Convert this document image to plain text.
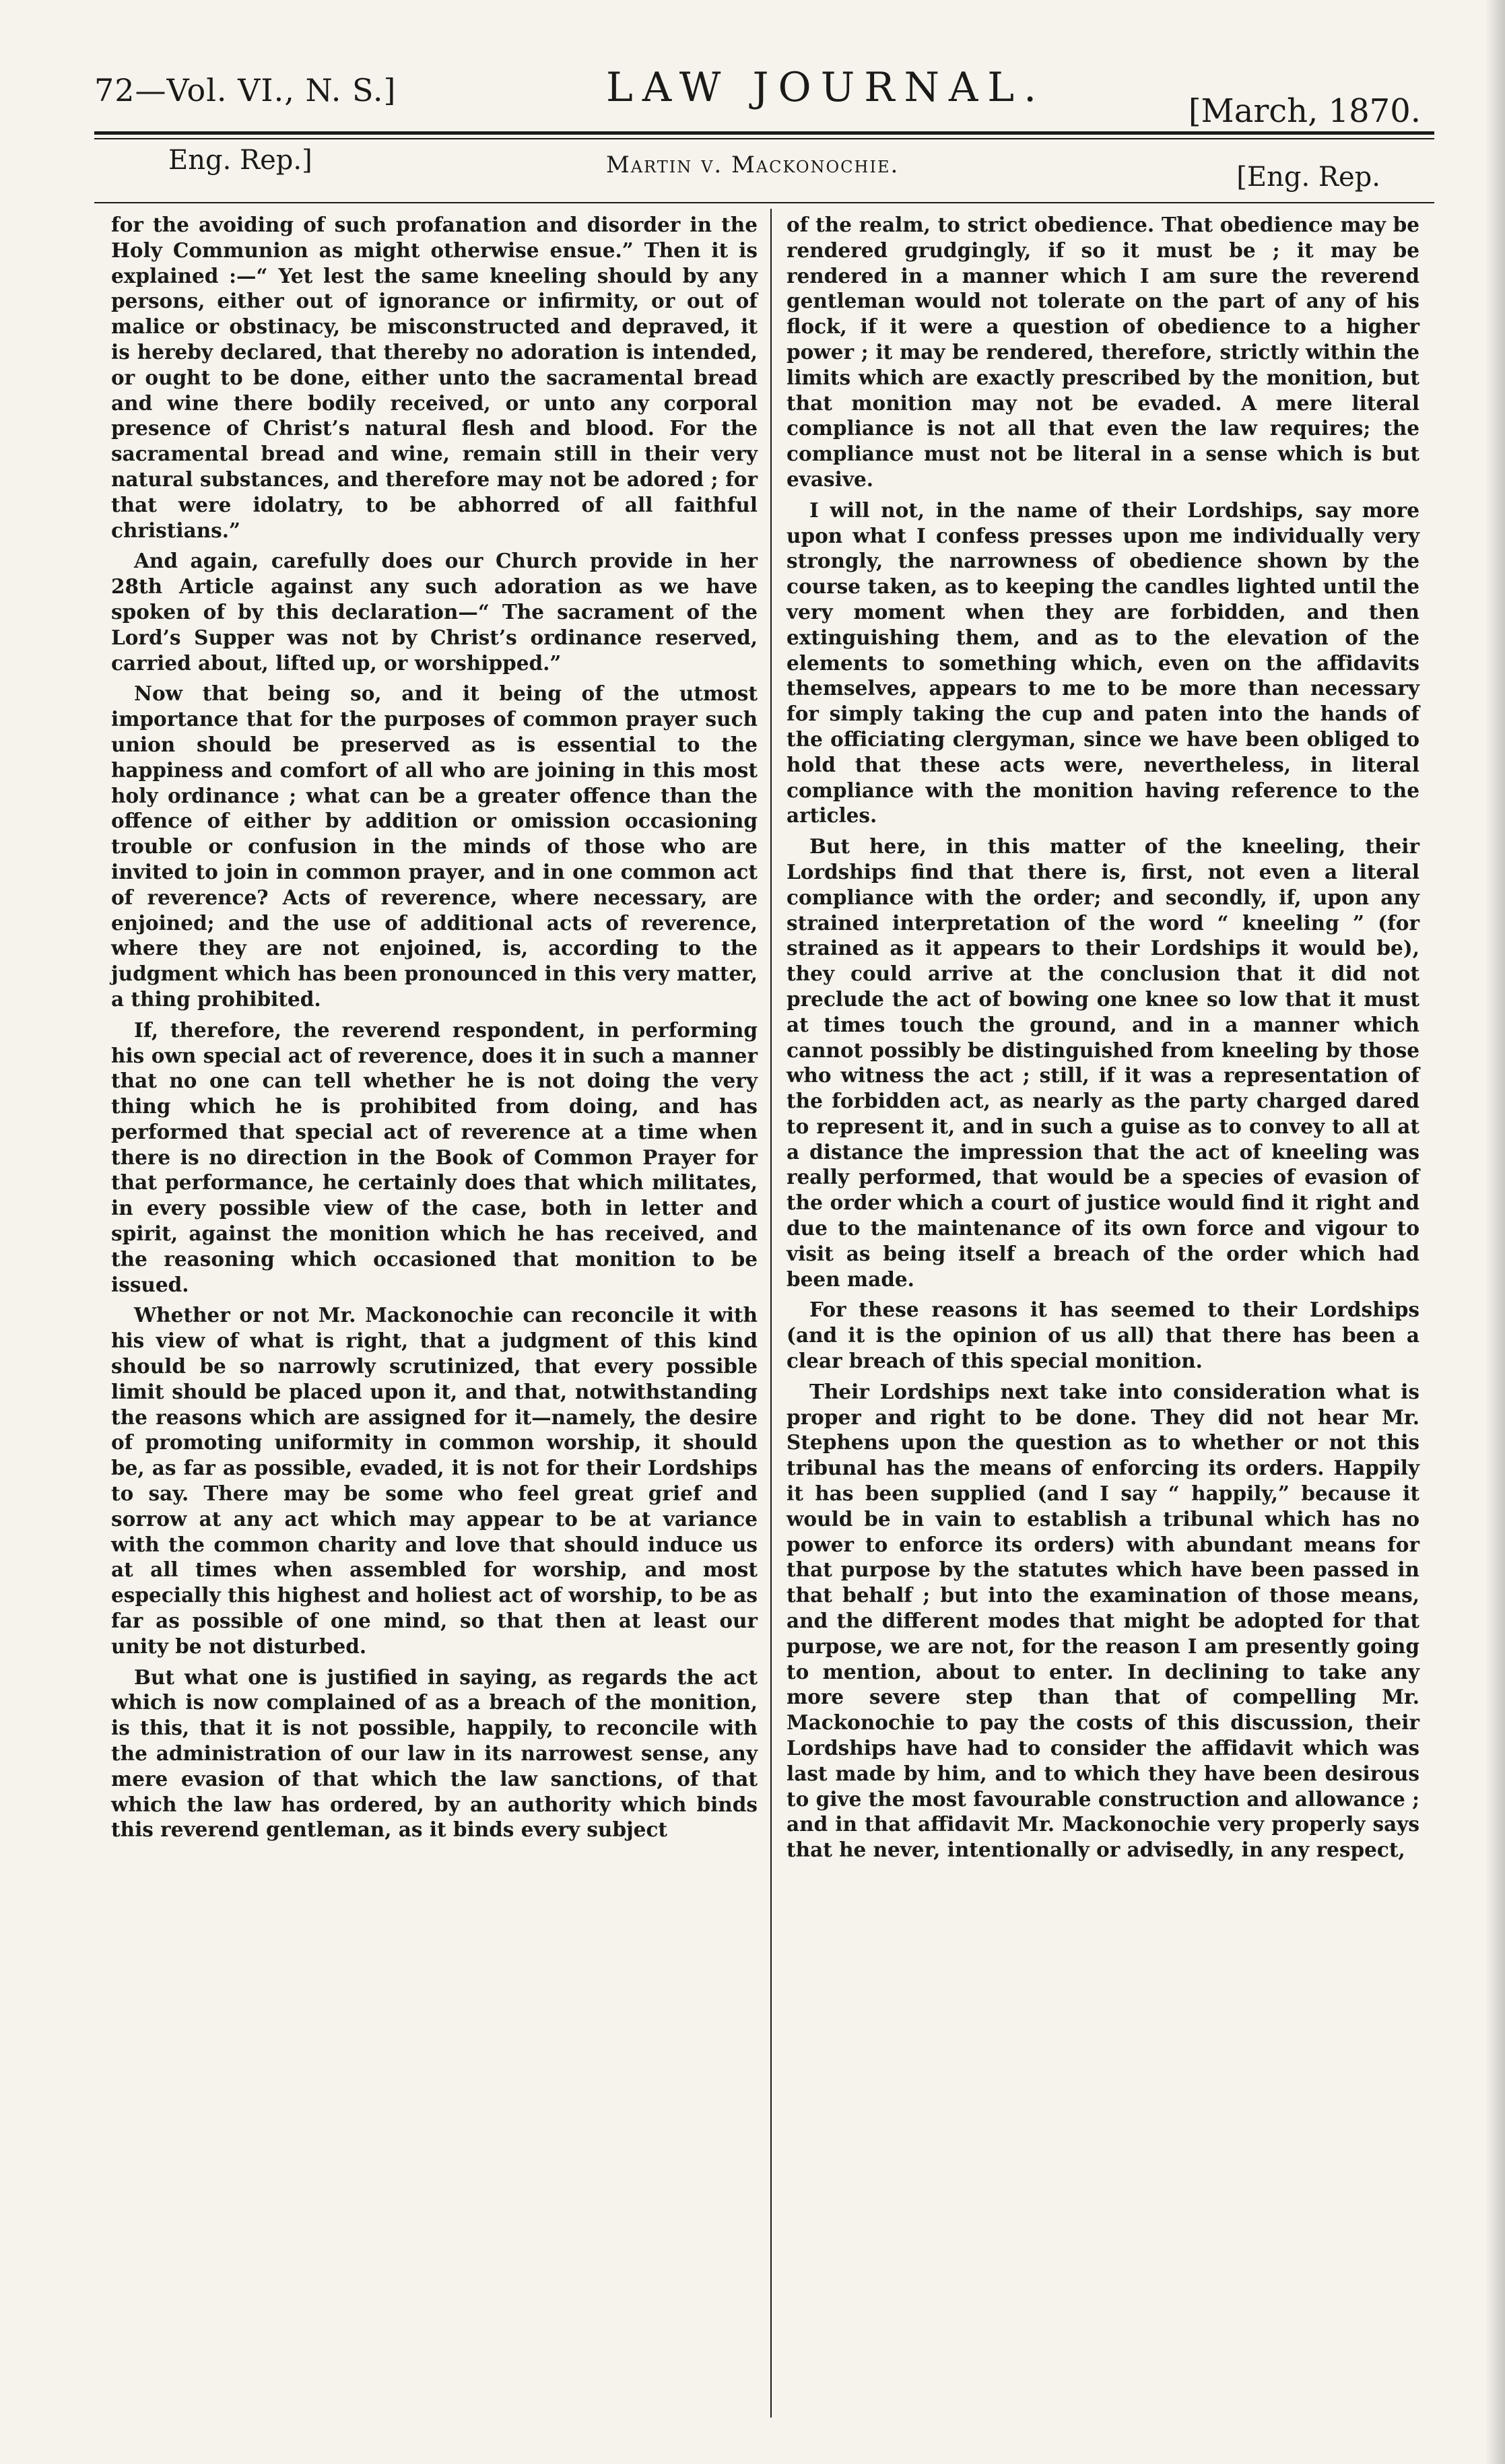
72—Vol. VI., N. S.]	LAW JOURNAL.	[March, 1870.
Eng. Rep.]	Martin v. Mackonochie.	[Eng. Rep.

for the avoiding of such profanation and disorder in the Holy Communion as might otherwise ensue.” Then it is explained :—“ Yet lest the same kneeling should by any persons, either out of ignorance or infirmity, or out of malice or obstinacy, be misconstructed and depraved, it is hereby declared, that thereby no adoration is intended, or ought to be done, either unto the sacramental bread and wine there bodily received, or unto any corporal presence of Christ’s natural flesh and blood. For the sacramental bread and wine, remain still in their very natural substances, and therefore may not be adored ; for that were idolatry, to be abhorred of all faithful christians.”

And again, carefully does our Church provide in her 28th Article against any such adoration as we have spoken of by this declaration—“ The sacrament of the Lord’s Supper was not by Christ’s ordinance reserved, carried about, lifted up, or worshipped.”

Now that being so, and it being of the utmost importance that for the purposes of common prayer such union should be preserved as is essential to the happiness and comfort of all who are joining in this most holy ordinance ; what can be a greater offence than the offence of either by addition or omission occasioning trouble or confusion in the minds of those who are invited to join in common prayer, and in one common act of reverence? Acts of reverence, where necessary, are enjoined; and the use of additional acts of reverence, where they are not enjoined, is, according to the judgment which has been pronounced in this very matter, a thing prohibited.

If, therefore, the reverend respondent, in performing his own special act of reverence, does it in such a manner that no one can tell whether he is not doing the very thing which he is prohibited from doing, and has performed that special act of reverence at a time when there is no direction in the Book of Common Prayer for that performance, he certainly does that which militates, in every possible view of the case, both in letter and spirit, against the monition which he has received, and the reasoning which occasioned that monition to be issued.

Whether or not Mr. Mackonochie can reconcile it with his view of what is right, that a judgment of this kind should be so narrowly scrutinized, that every possible limit should be placed upon it, and that, notwithstanding the reasons which are assigned for it—namely, the desire of promoting uniformity in common worship, it should be, as far as possible, evaded, it is not for their Lordships to say. There may be some who feel great grief and sorrow at any act which may appear to be at variance with the common charity and love that should induce us at all times when assembled for worship, and most especially this highest and holiest act of worship, to be as far as possible of one mind, so that then at least our unity be not disturbed.

But what one is justified in saying, as regards the act which is now complained of as a breach of the monition, is this, that it is not possible, happily, to reconcile with the administration of our law in its narrowest sense, any mere evasion of that which the law sanctions, of that which the law has ordered, by an authority which binds this reverend gentleman, as it binds every subject

of the realm, to strict obedience. That obedience may be rendered grudgingly, if so it must be ; it may be rendered in a manner which I am sure the reverend gentleman would not tolerate on the part of any of his flock, if it were a question of obedience to a higher power ; it may be rendered, therefore, strictly within the limits which are exactly prescribed by the monition, but that monition may not be evaded. A mere literal compliance is not all that even the law requires; the compliance must not be literal in a sense which is but evasive.

I will not, in the name of their Lordships, say more upon what I confess presses upon me individually very strongly, the narrowness of obedience shown by the course taken, as to keeping the candles lighted until the very moment when they are forbidden, and then extinguishing them, and as to the elevation of the elements to something which, even on the affidavits themselves, appears to me to be more than necessary for simply taking the cup and paten into the hands of the officiating clergyman, since we have been obliged to hold that these acts were, nevertheless, in literal compliance with the monition having reference to the articles.

But here, in this matter of the kneeling, their Lordships find that there is, first, not even a literal compliance with the order; and secondly, if, upon any strained interpretation of the word “ kneeling ” (for strained as it appears to their Lordships it would be), they could arrive at the conclusion that it did not preclude the act of bowing one knee so low that it must at times touch the ground, and in a manner which cannot possibly be distinguished from kneeling by those who witness the act ; still, if it was a representation of the forbidden act, as nearly as the party charged dared to represent it, and in such a guise as to convey to all at a distance the impression that the act of kneeling was really performed, that would be a species of evasion of the order which a court of justice would find it right and due to the maintenance of its own force and vigour to visit as being itself a breach of the order which had been made.

For these reasons it has seemed to their Lordships (and it is the opinion of us all) that there has been a clear breach of this special monition.

Their Lordships next take into consideration what is proper and right to be done. They did not hear Mr. Stephens upon the question as to whether or not this tribunal has the means of enforcing its orders. Happily it has been supplied (and I say “ happily,” because it would be in vain to establish a tribunal which has no power to enforce its orders) with abundant means for that purpose by the statutes which have been passed in that behalf ; but into the examination of those means, and the different modes that might be adopted for that purpose, we are not, for the reason I am presently going to mention, about to enter. In declining to take any more severe step than that of compelling Mr. Mackonochie to pay the costs of this discussion, their Lordships have had to consider the affidavit which was last made by him, and to which they have been desirous to give the most favourable construction and allowance ; and in that affidavit Mr. Mackonochie very properly says that he never, intentionally or advisedly, in any respect,
